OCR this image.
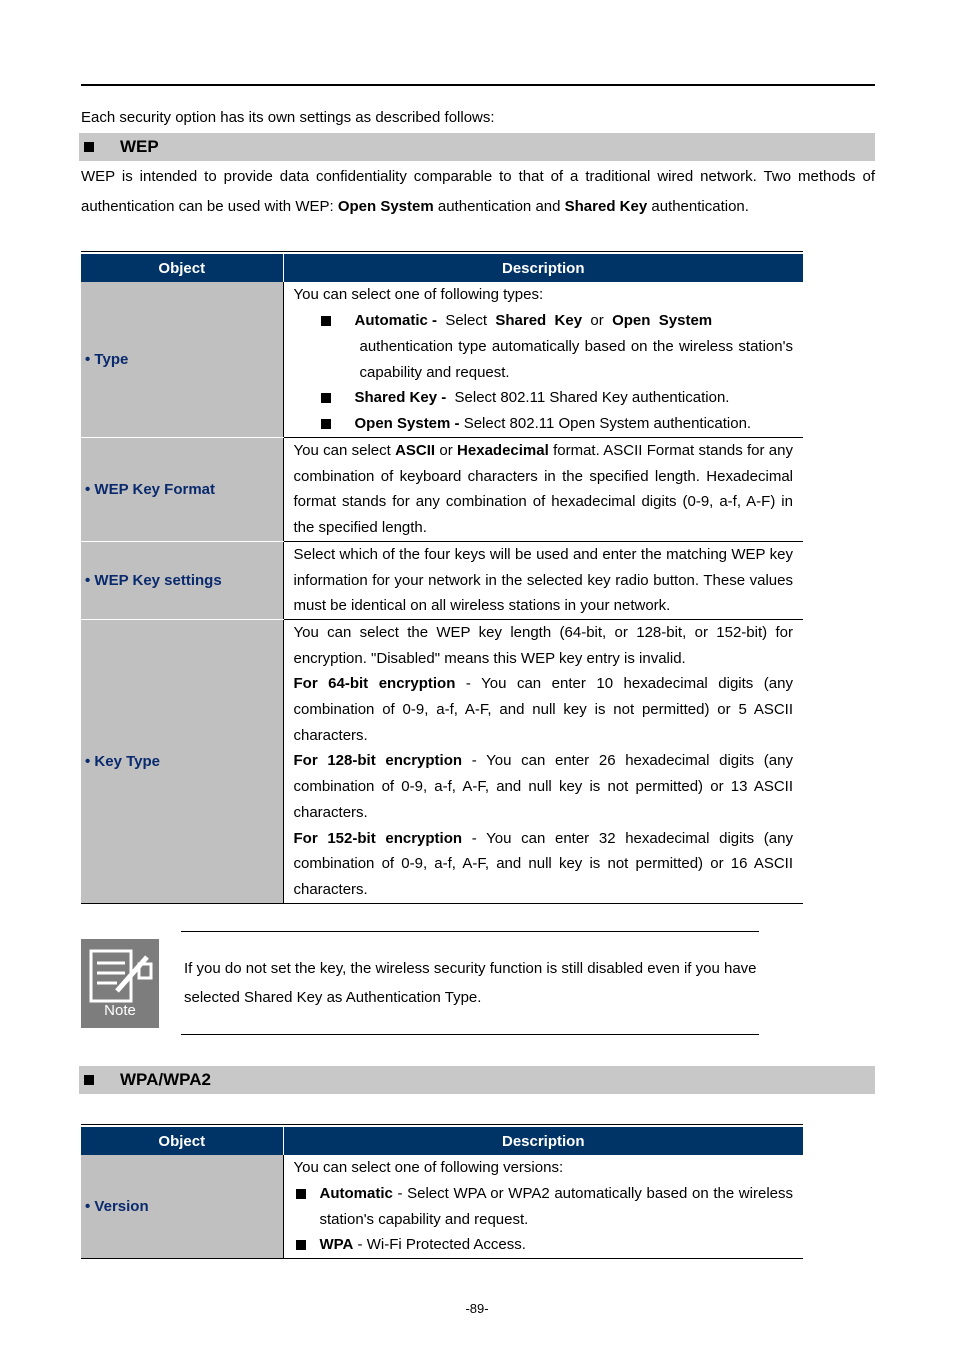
Each security option has its own settings as described follows:
WEP
WEP is intended to provide data confidentiality comparable to that of a traditional wired network. Two methods of authentication can be used with WEP: Open System authentication and Shared Key authentication.
Object	Description
• Type	You can select one of following types:
Automatic -  Select  Shared  Key  or  Open  System
authentication type automatically based on the wireless station's capability and request.
Shared Key -  Select 802.11 Shared Key authentication.
Open System - Select 802.11 Open System authentication.

• WEP Key Format	You can select ASCII or Hexadecimal format. ASCII Format stands for any combination of keyboard characters in the specified length. Hexadecimal format stands for any combination of hexadecimal digits (0-9, a-f, A-F) in the specified length.
• WEP Key settings	Select which of the four keys will be used and enter the matching WEP key information for your network in the selected key radio button. These values must be identical on all wireless stations in your network.
• Key Type	You can select the WEP key length (64-bit, or 128-bit, or 152-bit) for encryption. "Disabled" means this WEP key entry is invalid.
For 64-bit encryption - You can enter 10 hexadecimal digits (any combination of 0-9, a-f, A-F, and null key is not permitted) or 5 ASCII characters.
For 128-bit encryption - You can enter 26 hexadecimal digits (any combination of 0-9, a-f, A-F, and null key is not permitted) or 13 ASCII characters.
For 152-bit encryption - You can enter 32 hexadecimal digits (any combination of 0-9, a-f, A-F, and null key is not permitted) or 16 ASCII characters.
Note
If you do not set the key, the wireless security function is still disabled even if you have selected Shared Key as Authentication Type.
WPA/WPA2
Object	Description
• Version	You can select one of following versions:
Automatic - Select WPA or WPA2 automatically based on the wireless station's capability and request.
WPA - Wi-Fi Protected Access.
-89-
